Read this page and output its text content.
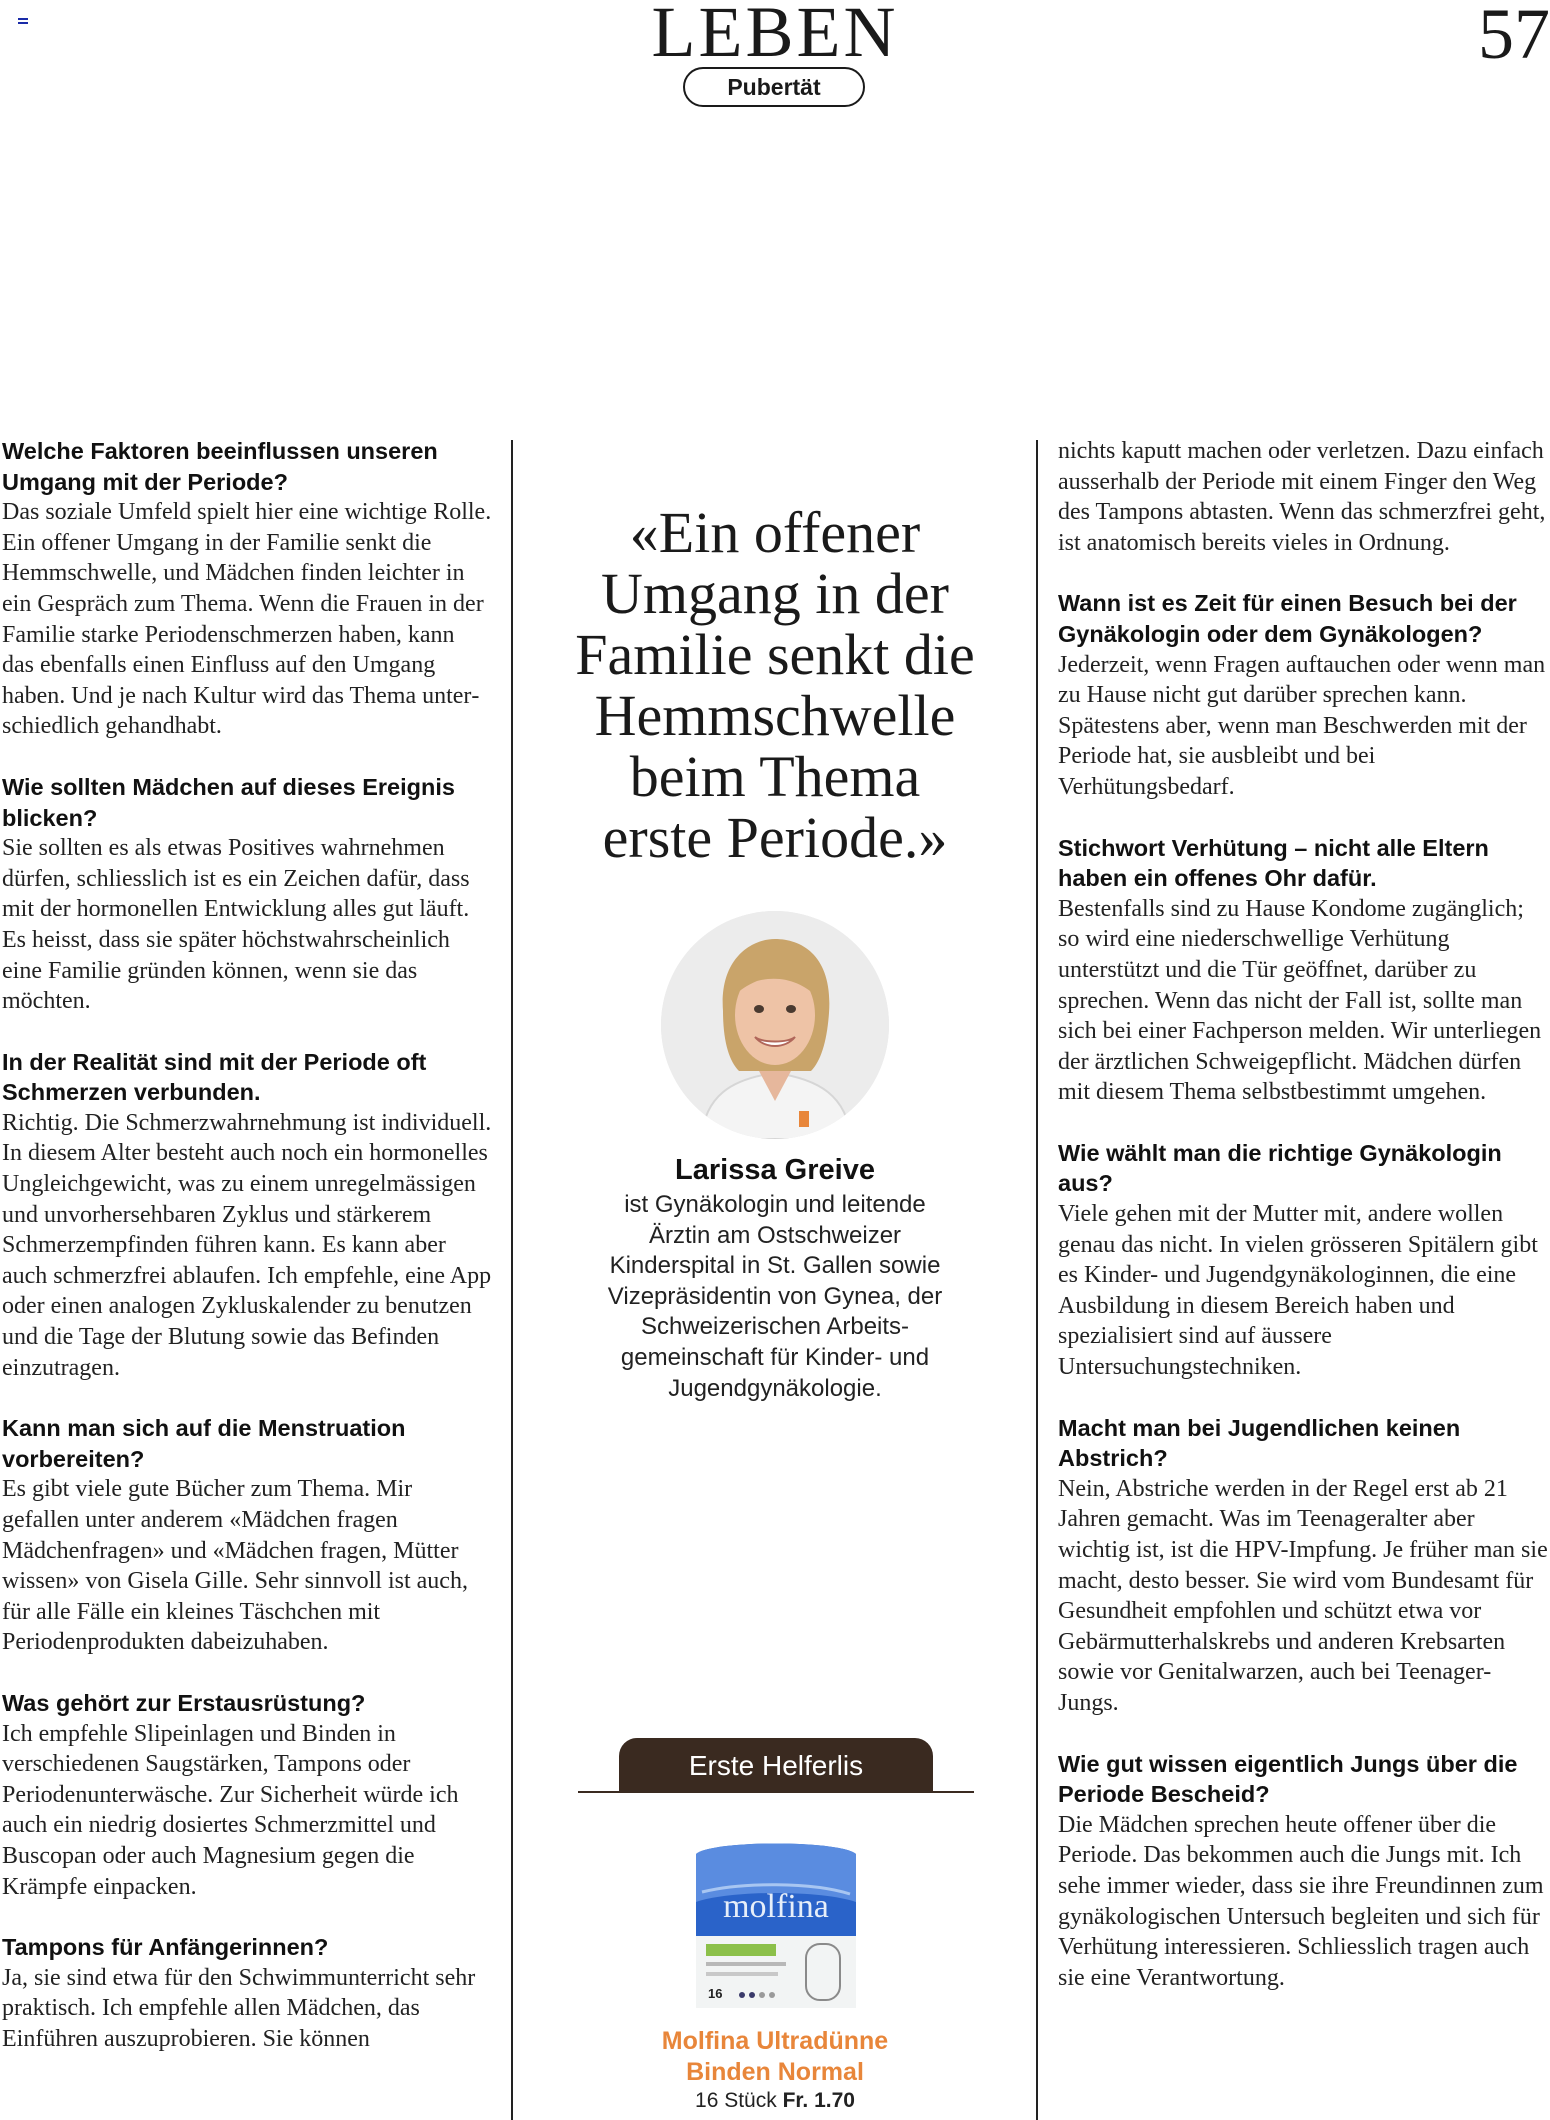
LEBEN	57
Pubertät
Welche Faktoren beeinflussen unseren Umgang mit der Periode?

Das soziale Umfeld spielt hier eine wichtige Rolle. Ein offener Umgang in der Familie senkt die Hemmschwelle, und Mädchen finden leichter in ein Gespräch zum Thema. Wenn die Frauen in der Familie starke Periodenschmerzen haben, kann das ebenfalls einen Einfluss auf den Umgang haben. Und je nach Kultur wird das Thema unterschiedlich gehandhabt.

Wie sollten Mädchen auf dieses Ereignis blicken?

Sie sollten es als etwas Positives wahrnehmen dürfen, schliesslich ist es ein Zeichen dafür, dass mit der hormonellen Entwicklung alles gut läuft. Es heisst, dass sie später höchstwahrscheinlich eine Familie gründen können, wenn sie das möchten.

In der Realität sind mit der Periode oft Schmerzen verbunden.

Richtig. Die Schmerzwahrnehmung ist individuell. In diesem Alter besteht auch noch ein hormonelles Ungleichgewicht, was zu einem unregelmässigen und unvorhersehbaren Zyklus und stärkerem Schmerzempfinden führen kann. Es kann aber auch schmerzfrei ablaufen. Ich empfehle, eine App oder einen analogen Zykluskalender zu benutzen und die Tage der Blutung sowie das Befinden einzutragen.

Kann man sich auf die Menstruation vorbereiten?

Es gibt viele gute Bücher zum Thema. Mir gefallen unter anderem «Mädchen fragen Mädchenfragen» und «Mädchen fragen, Mütter wissen» von Gisela Gille. Sehr sinnvoll ist auch, für alle Fälle ein kleines Täschchen mit Periodenprodukten dabeizuhaben.

Was gehört zur Erstausrüstung?

Ich empfehle Slipeinlagen und Binden in verschiedenen Saugstärken, Tampons oder Periodenunterwäsche. Zur Sicherheit würde ich auch ein niedrig dosiertes Schmerzmittel und Buscopan oder auch Magnesium gegen die Krämpfe einpacken.

Tampons für Anfängerinnen?

Ja, sie sind etwa für den Schwimmunterricht sehr praktisch. Ich empfehle allen Mädchen, das Einführen auszuprobieren. Sie können

«Ein offener
Umgang in der
Familie senkt die
Hemmschwelle
beim Thema
erste Periode.»
Larissa Greive
ist Gynäkologin und leitende
Ärztin am Ostschweizer
Kinderspital in St. Gallen sowie
Vizepräsidentin von Gynea, der
Schweizerischen Arbeits-
gemeinschaft für Kinder- und
Jugendgynäkologie.
Erste Helferlis
molfina
16
Molfina Ultradünne
Binden Normal
16 Stück Fr. 1.70

nichts kaputt machen oder verletzen. Dazu einfach ausserhalb der Periode mit einem Finger den Weg des Tampons abtasten. Wenn das schmerzfrei geht, ist anatomisch bereits vieles in Ordnung.

Wann ist es Zeit für einen Besuch bei der Gynäkologin oder dem Gynäkologen?

Jederzeit, wenn Fragen auftauchen oder wenn man zu Hause nicht gut darüber sprechen kann. Spätestens aber, wenn man Beschwerden mit der Periode hat, sie ausbleibt und bei Verhütungsbedarf.

Stichwort Verhütung – nicht alle Eltern haben ein offenes Ohr dafür.

Bestenfalls sind zu Hause Kondome zugänglich; so wird eine niederschwellige Verhütung unterstützt und die Tür geöffnet, darüber zu sprechen. Wenn das nicht der Fall ist, sollte man sich bei einer Fachperson melden. Wir unterliegen der ärztlichen Schweigepflicht. Mädchen dürfen mit diesem Thema selbstbestimmt umgehen.

Wie wählt man die richtige Gynäkologin aus?

Viele gehen mit der Mutter mit, andere wollen genau das nicht. In vielen grösseren Spitälern gibt es Kinder- und Jugendgynäkologinnen, die eine Ausbildung in diesem Bereich haben und spezialisiert sind auf äussere Untersuchungstechniken.

Macht man bei Jugendlichen keinen Abstrich?

Nein, Abstriche werden in der Regel erst ab 21 Jahren gemacht. Was im Teenageralter aber wichtig ist, ist die HPV-Impfung. Je früher man sie macht, desto besser. Sie wird vom Bundesamt für Gesundheit empfohlen und schützt etwa vor Gebärmutterhalskrebs und anderen Krebsarten sowie vor Genitalwarzen, auch bei Teenager-Jungs.

Wie gut wissen eigentlich Jungs über die Periode Bescheid?

Die Mädchen sprechen heute offener über die Periode. Das bekommen auch die Jungs mit. Ich sehe immer wieder, dass sie ihre Freundinnen zum gynäkologischen Untersuch begleiten und sich für Verhütung interessieren. Schliesslich tragen auch sie eine Verantwortung.
